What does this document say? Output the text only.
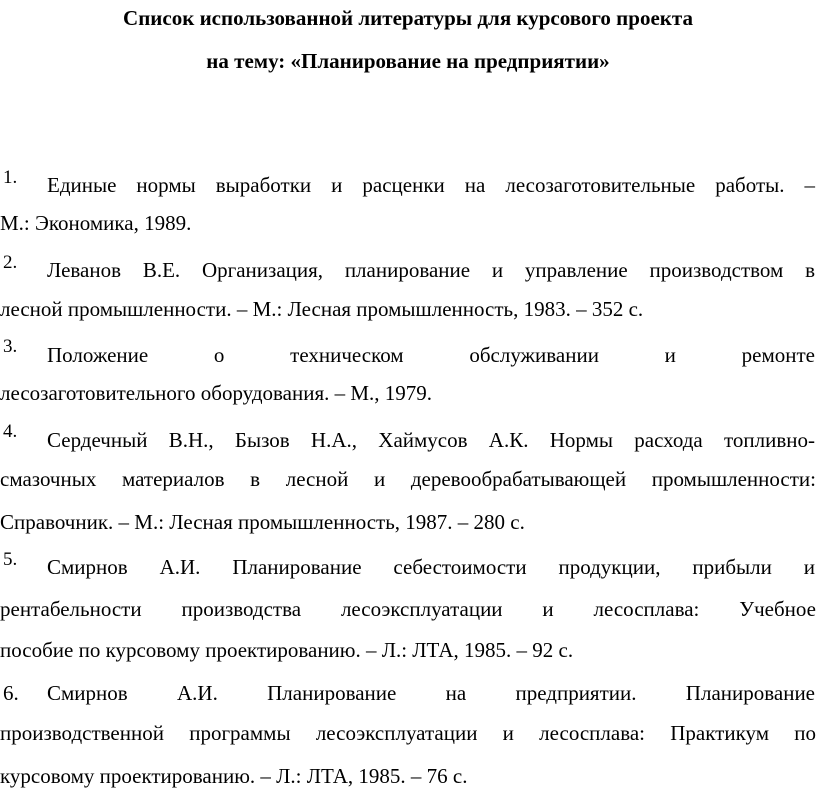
Список использованной литературы для курсового проекта
на тему: «Планирование на предприятии»
1. Единые нормы выработки и расценки на лесозаготовительные работы. –
М.: Экономика, 1989.
2. Леванов В.Е. Организация, планирование и управление производством в
лесной промышленности. – М.: Лесная промышленность, 1983. – 352 с.
3. Положение о техническом обслуживании и ремонте
лесозаготовительного оборудования. – М., 1979.
4. Сердечный В.Н., Бызов Н.А., Хаймусов А.К. Нормы расхода топливно-
смазочных материалов в лесной и деревообрабатывающей промышленности:
Справочник. – М.: Лесная промышленность, 1987. – 280 с.
5. Смирнов А.И. Планирование себестоимости продукции, прибыли и
рентабельности производства лесоэксплуатации и лесосплава: Учебное
пособие по курсовому проектированию. – Л.: ЛТА, 1985. – 92 с.
6. Смирнов А.И. Планирование на предприятии. Планирование
производственной программы лесоэксплуатации и лесосплава: Практикум по
курсовому проектированию. – Л.: ЛТА, 1985. – 76 с.
